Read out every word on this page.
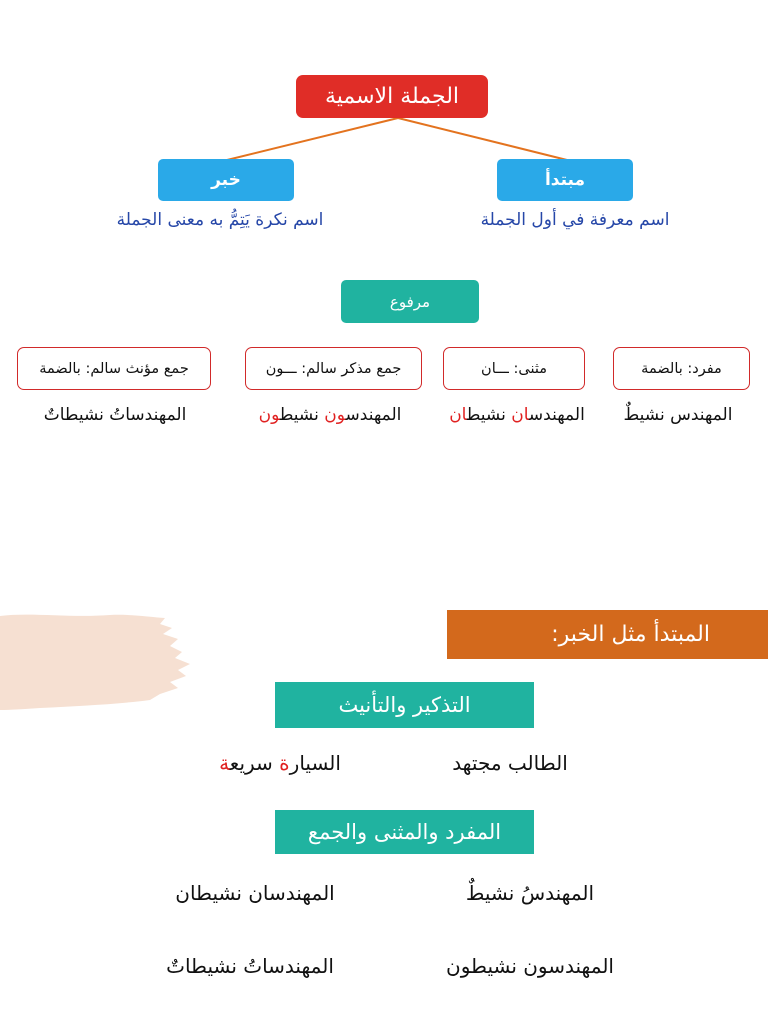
الجملة الاسمية
خبر	مبتدأ
اسم نكرة يَتِمُّ به معنى الجملة	اسم معرفة في أول الجملة
مرفوع
مفرد: بالضمة
مثنى: ـــان
جمع مذكر سالم: ـــون
جمع مؤنث سالم: بالضمة
المهندس نشيطٌ
المهندسان نشيطان
المهندسون نشيطون
المهندساتُ نشيطاتٌ
المبتدأ مثل الخبر:
التذكير والتأنيث
الطالب مجتهد
السيارة سريعة
المفرد والمثنى والجمع
المهندسُ نشيطٌ
المهندسان نشيطان
المهندسون نشيطون
المهندساتُ نشيطاتٌ
